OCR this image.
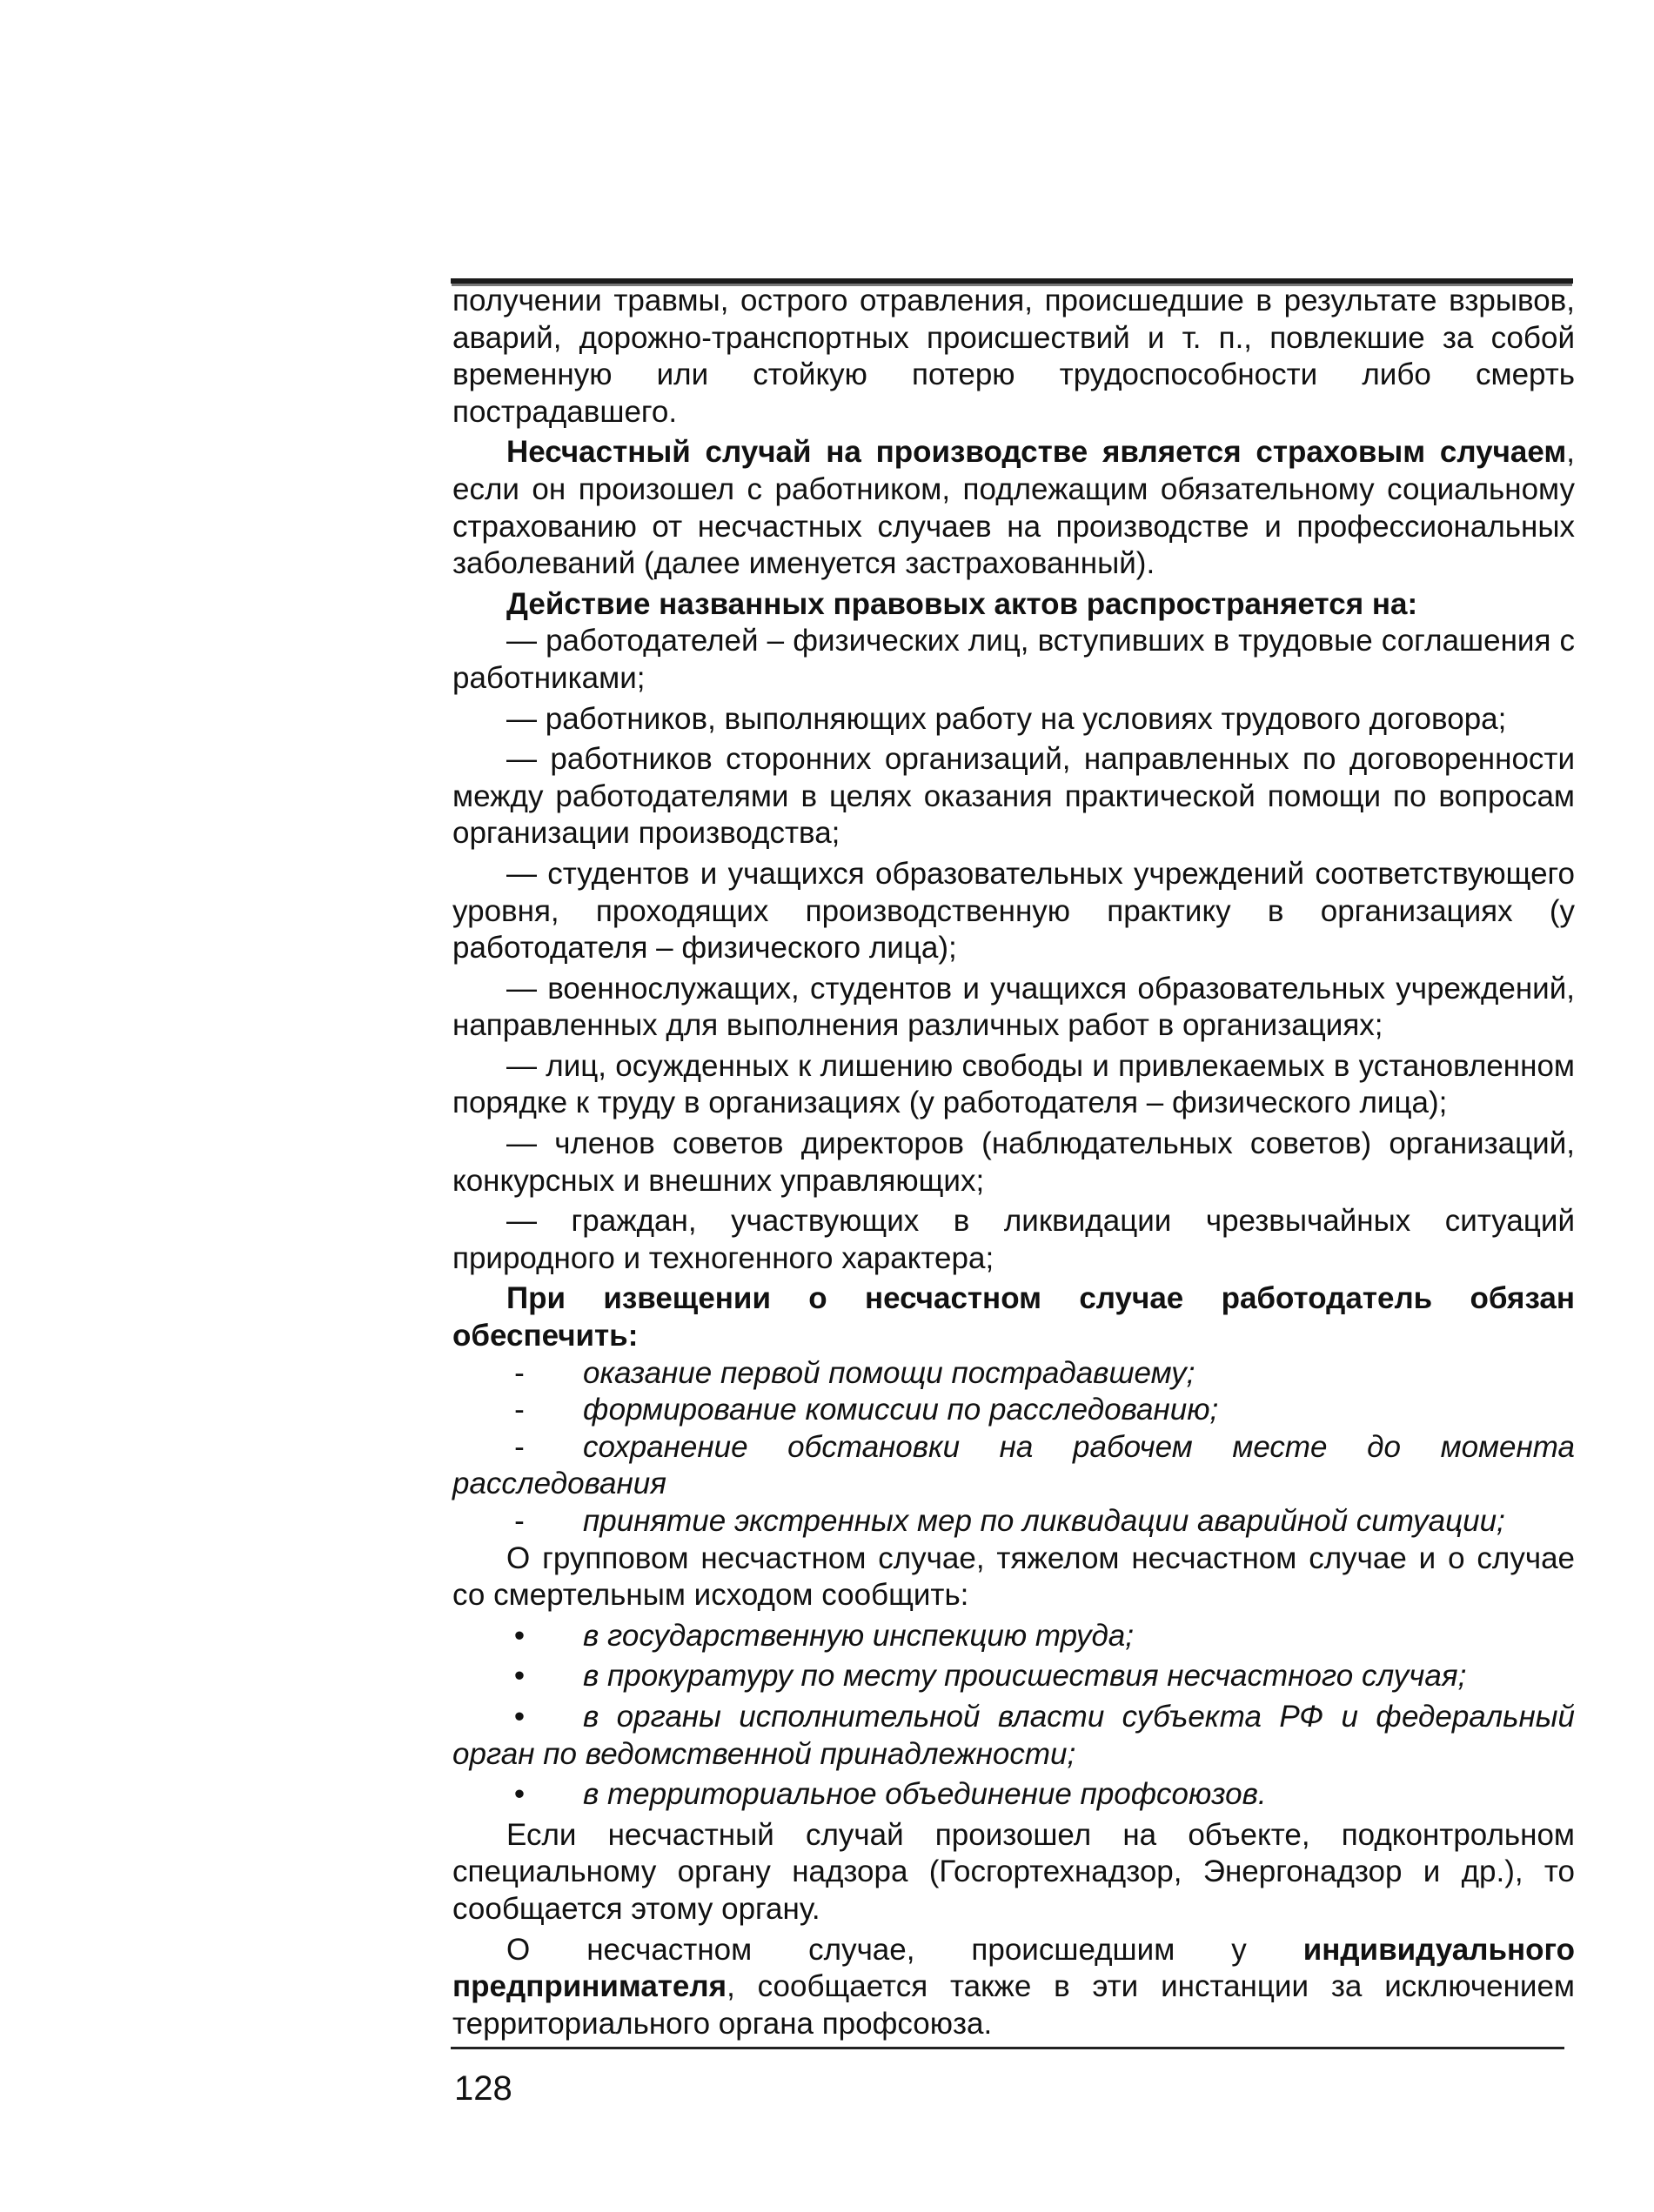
получении травмы, острого отравления, происшедшие в результате взрывов, аварий, дорожно-транспортных происшествий и т. п., повлекшие за собой временную или стойкую потерю трудоспособности либо смерть пострадавшего.

Несчастный случай на производстве является страховым случаем, если он произошел с работником, подлежащим обязательному социальному страхованию от несчастных случаев на производстве и профессиональных заболеваний (далее именуется застрахованный).

Действие названных правовых актов распространяется на:

— работодателей – физических лиц, вступивших в трудовые соглашения с работниками;

— работников, выполняющих работу на условиях трудового договора;

— работников сторонних организаций, направленных по договоренности между работодателями в целях оказания практической помощи по вопросам организации производства;

— студентов и учащихся образовательных учреждений соответствующего уровня, проходящих производственную практику в организациях (у работодателя – физического лица);

— военнослужащих, студентов и учащихся образовательных учреждений, направленных для выполнения различных работ в организациях;

— лиц, осужденных к лишению свободы и привлекаемых в установленном порядке к труду в организациях (у работодателя – физического лица);

— членов советов директоров (наблюдательных советов) организаций, конкурсных и внешних управляющих;

— граждан, участвующих в ликвидации чрезвычайных ситуаций природного и техногенного характера;

При извещении о несчастном случае работодатель обязан обеспечить:

- оказание первой помощи пострадавшему;

- формирование комиссии по расследованию;

- сохранение обстановки на рабочем месте до момента расследования

- принятие экстренных мер по ликвидации аварийной ситуации;

О групповом несчастном случае, тяжелом несчастном случае и о случае со смертельным исходом сообщить:

• в государственную инспекцию труда;

• в прокуратуру по месту происшествия несчастного случая;

• в органы исполнительной власти субъекта РФ и федеральный орган по ведомственной принадлежности;

• в территориальное объединение профсоюзов.

Если несчастный случай произошел на объекте, подконтрольном специальному органу надзора (Госгортехнадзор, Энергонадзор и др.), то сообщается этому органу.

О несчастном случае, происшедшим у индивидуального предпринимателя, сообщается также в эти инстанции за исключением территориального органа профсоюза.

128
